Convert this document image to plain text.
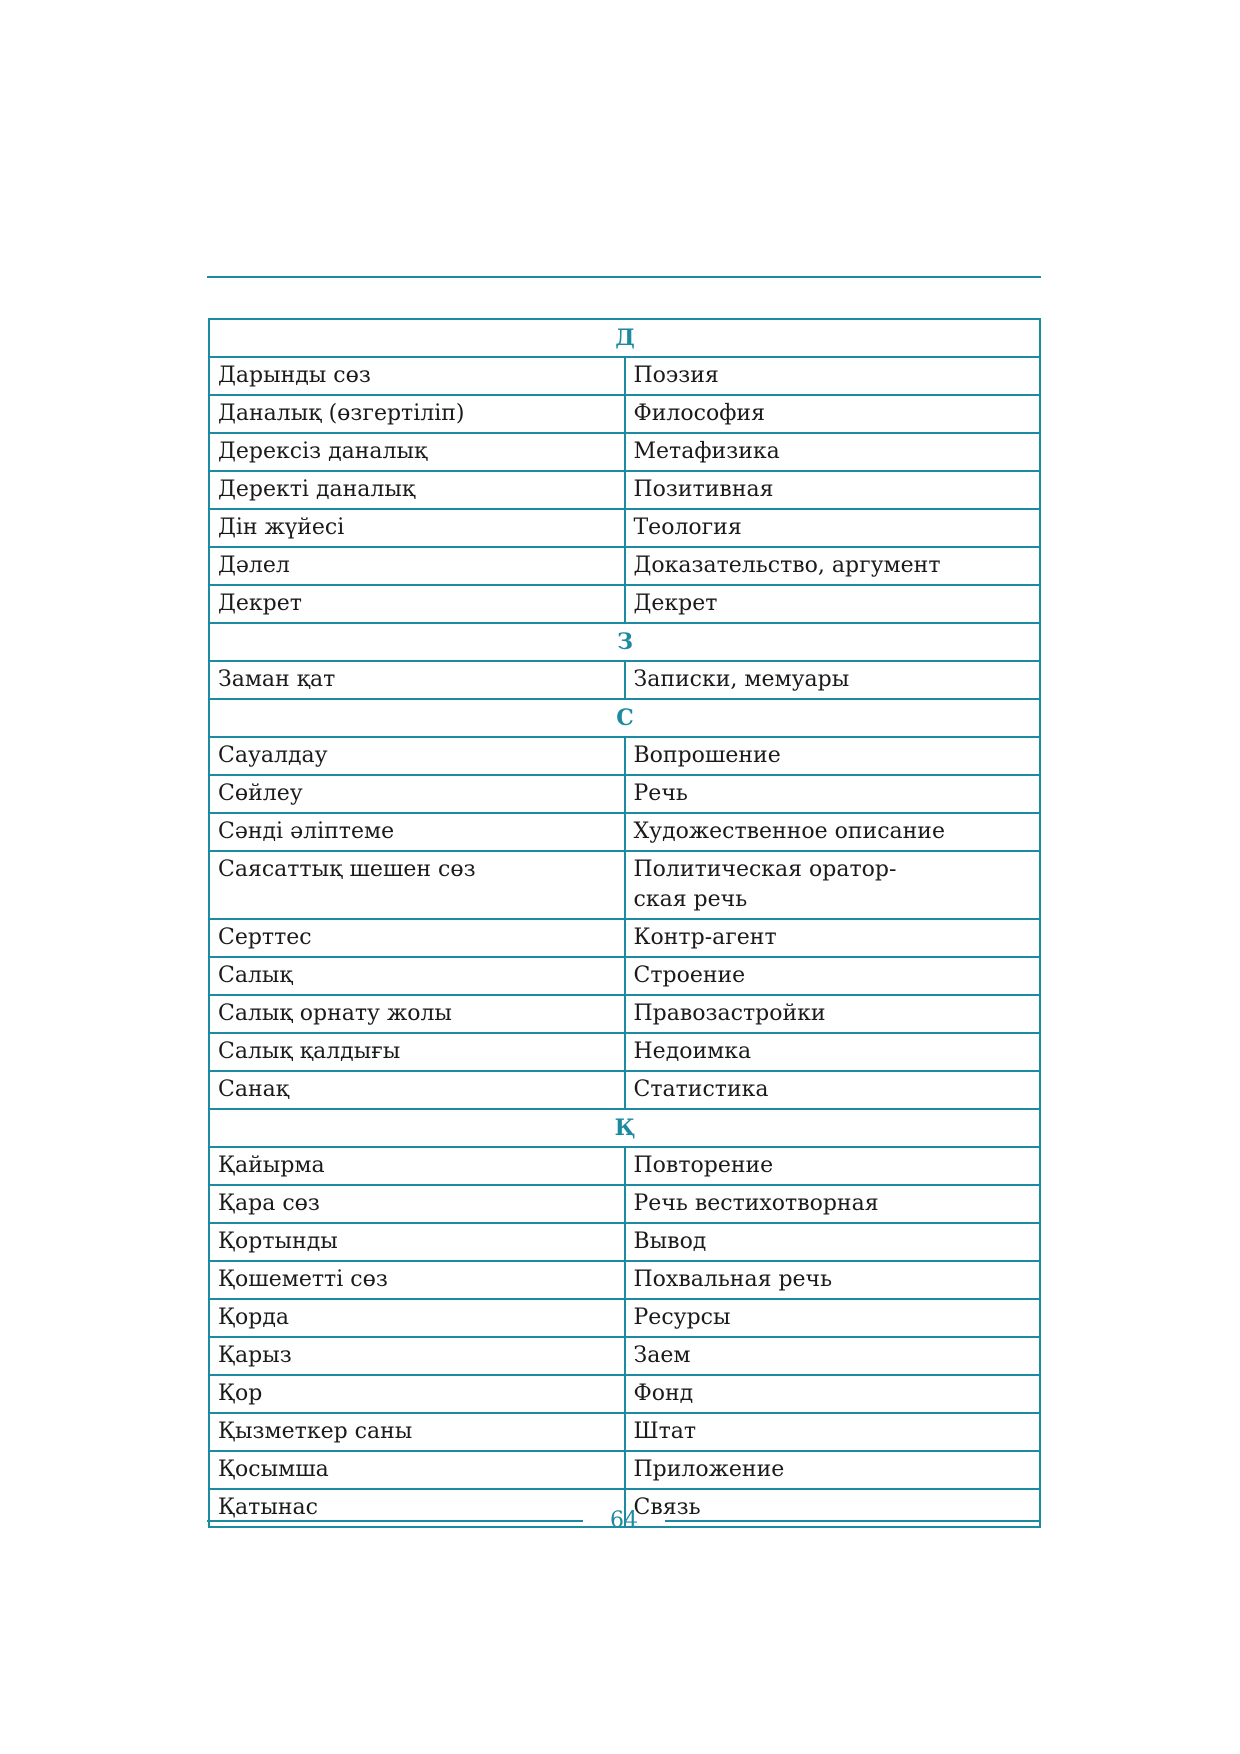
Д	
Дарынды сөз	Поэзия
Даналық (өзгертіліп)	Философия
Дерексіз даналық	Метафизика
Деректі даналық	Позитивная
Дін жүйесі	Теология
Дәлел	Доказательство, аргумент
Декрет	Декрет
З	
Заман қат	Записки, мемуары
С	
Сауалдау	Вопрошение
Сөйлеу	Речь
Сәнді әліптеме	Художественное описание
Саясаттық шешен сөз	Политическая оратор-
ская речь
Серттес	Контр-агент
Салық	Строение
Салық орнату жолы	Правозастройки
Салық қалдығы	Недоимка
Санақ	Статистика
Қ	
Қайырма	Повторение
Қара сөз	Речь вестихотворная
Қортынды	Вывод
Қошеметті сөз	Похвальная речь
Қорда	Ресурсы
Қарыз	Заем
Қор	Фонд
Қызметкер саны	Штат
Қосымша	Приложение
Қатынас	Связь
64
